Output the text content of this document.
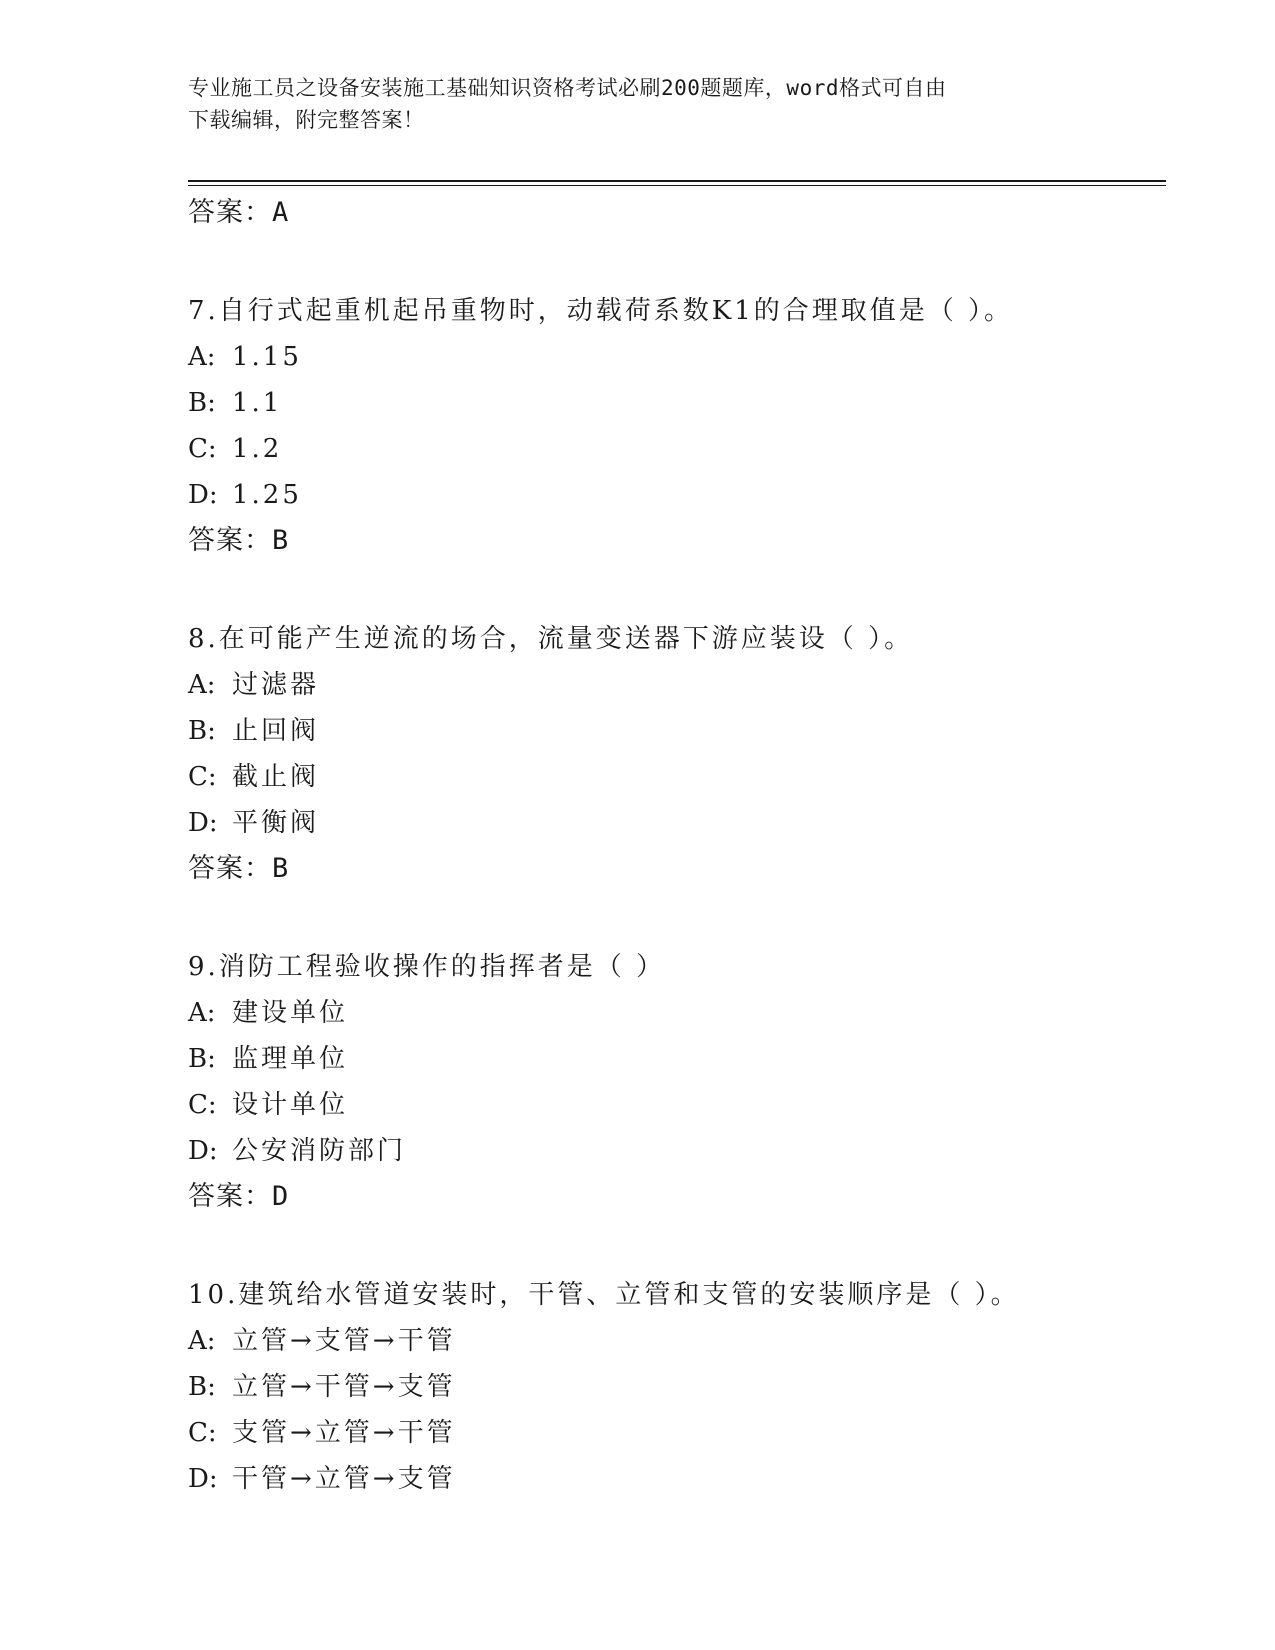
专业施工员之设备安装施工基础知识资格考试必刷200题题库，word格式可自由
下载编辑，附完整答案！
答案：A
7.自行式起重机起吊重物时，动载荷系数K1的合理取值是（ ）。
A: 1.15
B: 1.1
C: 1.2
D: 1.25
答案：B
8.在可能产生逆流的场合，流量变送器下游应装设（ ）。
A: 过滤器
B: 止回阀
C: 截止阀
D: 平衡阀
答案：B
9.消防工程验收操作的指挥者是（ ）
A: 建设单位
B: 监理单位
C: 设计单位
D: 公安消防部门
答案：D
10.建筑给水管道安装时，干管、立管和支管的安装顺序是（ ）。
A: 立管→支管→干管
B: 立管→干管→支管
C: 支管→立管→干管
D: 干管→立管→支管
